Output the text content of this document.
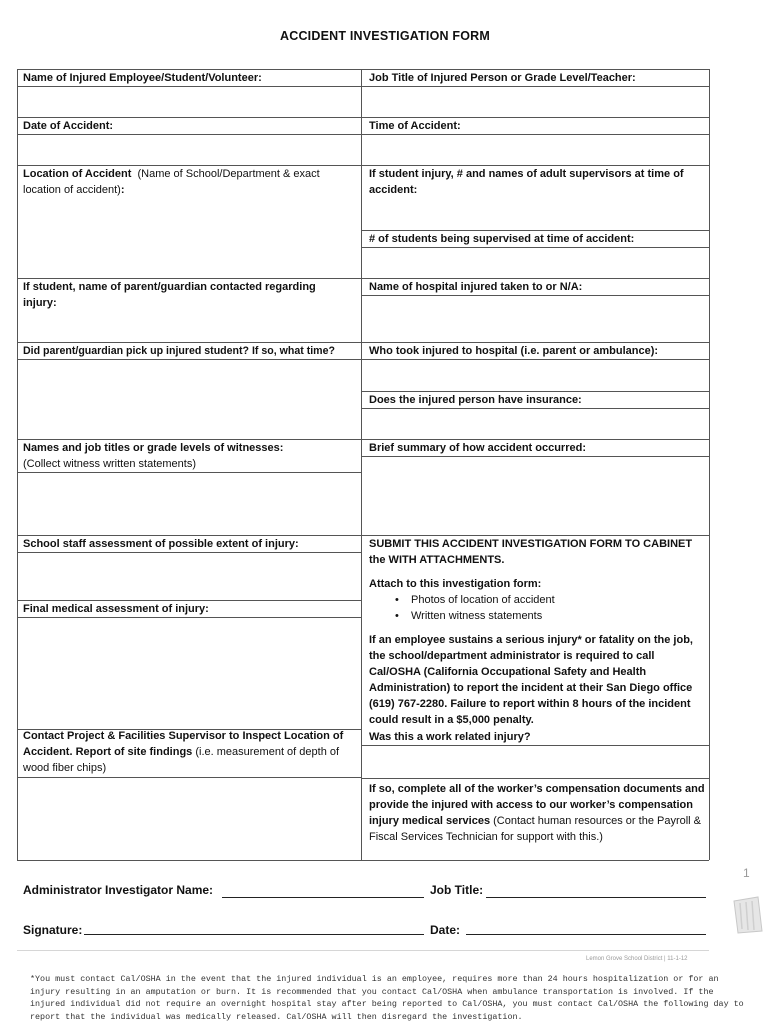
ACCIDENT INVESTIGATION FORM
Name of Injured Employee/Student/Volunteer:
Date of Accident:
Location of Accident (Name of School/Department & exact location of accident):
If student, name of parent/guardian contacted regarding injury:
Did parent/guardian pick up injured student? If so, what time?
Names and job titles or grade levels of witnesses:
(Collect witness written statements)
School staff assessment of possible extent of injury:
Final medical assessment of injury:
Contact Project & Facilities Supervisor to Inspect Location of Accident. Report of site findings (i.e. measurement of depth of wood fiber chips)
Job Title of Injured Person or Grade Level/Teacher:
Time of Accident:
If student injury, # and names of adult supervisors at time of accident:
# of students being supervised at time of accident:
Name of hospital injured taken to or N/A:
Who took injured to hospital (i.e. parent or ambulance):
Does the injured person have insurance:
Brief summary of how accident occurred:
SUBMIT THIS ACCIDENT INVESTIGATION FORM TO CABINET the WITH ATTACHMENTS.
Attach to this investigation form:
• Photos of location of accident
• Written witness statements
If an employee sustains a serious injury* or fatality on the job, the school/department administrator is required to call Cal/OSHA (California Occupational Safety and Health Administration) to report the incident at their San Diego office (619) 767-2280. Failure to report within 8 hours of the incident could result in a $5,000 penalty.
Was this a work related injury?
If so, complete all of the worker’s compensation documents and provide the injured with access to our worker’s compensation injury medical services (Contact human resources or the Payroll & Fiscal Services Technician for support with this.)
1
Administrator Investigator Name:	Job Title:
Signature:	Date:
Lemon Grove School District | 11-1-12
*You must contact Cal/OSHA in the event that the injured individual is an employee, requires more than 24 hours hospitalization or for an injury resulting in an amputation or burn. It is recommended that you contact Cal/OSHA when ambulance transportation is involved. If the injured individual did not require an overnight hospital stay after being reported to Cal/OSHA, you must contact Cal/OSHA the following day to report that the individual was medically released. Cal/OSHA will then disregard the investigation.
